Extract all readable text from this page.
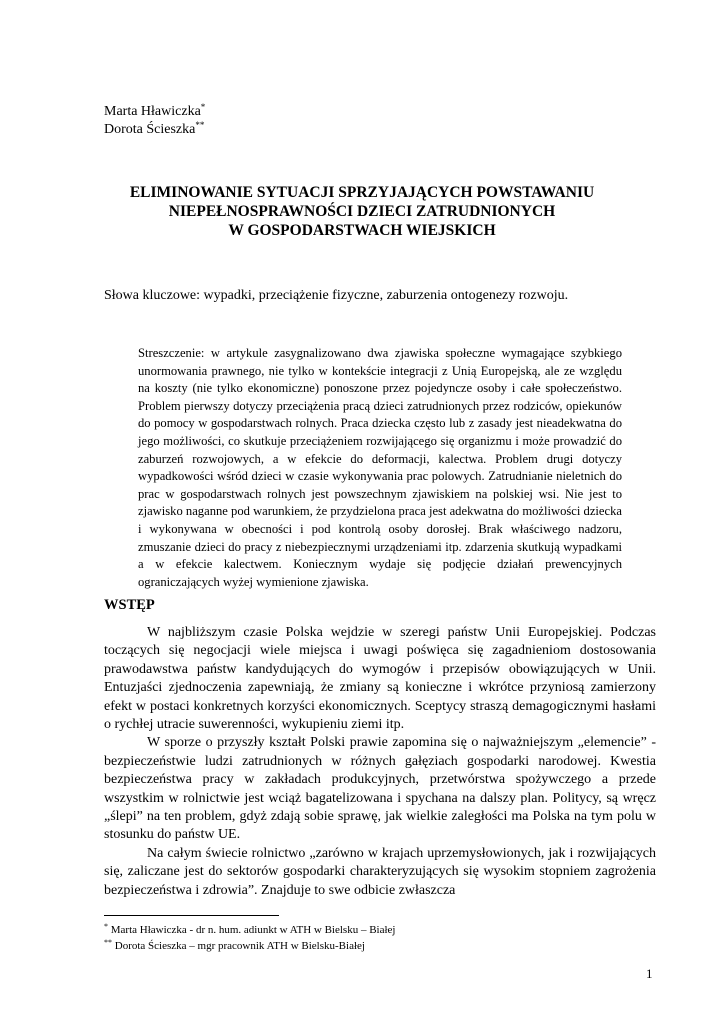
Marta Hławiczka*
Dorota Ścieszka**
ELIMINOWANIE SYTUACJI SPRZYJAJĄCYCH POWSTAWANIU
NIEPEŁNOSPRAWNOŚCI DZIECI ZATRUDNIONYCH
W GOSPODARSTWACH WIEJSKICH
Słowa kluczowe: wypadki, przeciążenie fizyczne, zaburzenia ontogenezy rozwoju.
Streszczenie: w artykule zasygnalizowano dwa zjawiska społeczne wymagające szybkiego unormowania prawnego, nie tylko w kontekście integracji z Unią Europejską, ale ze względu na koszty (nie tylko ekonomiczne) ponoszone przez pojedyncze osoby i całe społeczeństwo. Problem pierwszy dotyczy przeciążenia pracą dzieci zatrudnionych przez rodziców, opiekunów do pomocy w gospodarstwach rolnych. Praca dziecka często lub z zasady jest nieadekwatna do jego możliwości, co skutkuje przeciążeniem rozwijającego się organizmu i może prowadzić do zaburzeń rozwojowych, a w efekcie do deformacji, kalectwa. Problem drugi dotyczy wypadkowości wśród dzieci w czasie wykonywania prac polowych. Zatrudnianie nieletnich do prac w gospodarstwach rolnych jest powszechnym zjawiskiem na polskiej wsi. Nie jest to zjawisko naganne pod warunkiem, że przydzielona praca jest adekwatna do możliwości dziecka i wykonywana w obecności i pod kontrolą osoby dorosłej. Brak właściwego nadzoru, zmuszanie dzieci do pracy z niebezpiecznymi urządzeniami itp. zdarzenia skutkują wypadkami a w efekcie kalectwem. Koniecznym wydaje się podjęcie działań prewencyjnych ograniczających wyżej wymienione zjawiska.
WSTĘP

W najbliższym czasie Polska wejdzie w szeregi państw Unii Europejskiej. Podczas toczących się negocjacji wiele miejsca i uwagi poświęca się zagadnieniom dostosowania prawodawstwa państw kandydujących do wymogów i przepisów obowiązujących w Unii. Entuzjaści zjednoczenia zapewniają, że zmiany są konieczne i wkrótce przyniosą zamierzony efekt w postaci konkretnych korzyści ekonomicznych. Sceptycy straszą demagogicznymi hasłami o rychłej utracie suwerenności, wykupieniu ziemi itp.

W sporze o przyszły kształt Polski prawie zapomina się o najważniejszym „elemencie” - bezpieczeństwie ludzi zatrudnionych w różnych gałęziach gospodarki narodowej. Kwestia bezpieczeństwa pracy w zakładach produkcyjnych, przetwórstwa spożywczego a przede wszystkim w rolnictwie jest wciąż bagatelizowana i spychana na dalszy plan. Politycy, są wręcz „ślepi” na ten problem, gdyż zdają sobie sprawę, jak wielkie zaległości ma Polska na tym polu w stosunku do państw UE.

Na całym świecie rolnictwo „zarówno w krajach uprzemysłowionych, jak i rozwijających się, zaliczane jest do sektorów gospodarki charakteryzujących się wysokim stopniem zagrożenia bezpieczeństwa i zdrowia”. Znajduje to swe odbicie zwłaszcza

* Marta Hławiczka - dr n. hum. adiunkt w ATH w Bielsku – Białej
** Dorota Ścieszka – mgr pracownik ATH w Bielsku-Białej
1
